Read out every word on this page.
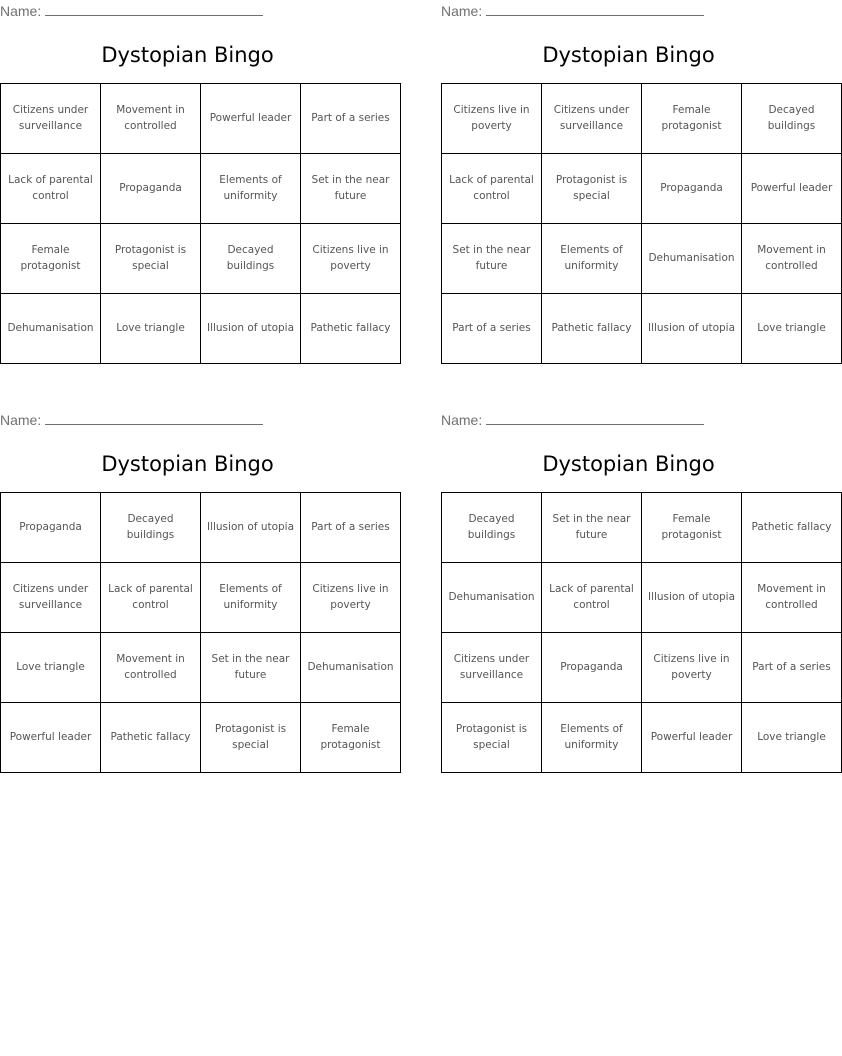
Name:
Dystopian Bingo
Citizens under surveillance	Movement in controlled	Powerful leader	Part of a series
Lack of parental control	Propaganda	Elements of uniformity	Set in the near future
Female protagonist	Protagonist is special	Decayed buildings	Citizens live in poverty
Dehumanisation	Love triangle	Illusion of utopia	Pathetic fallacy
Name:
Dystopian Bingo
Citizens live in poverty	Citizens under surveillance	Female protagonist	Decayed buildings
Lack of parental control	Protagonist is special	Propaganda	Powerful leader
Set in the near future	Elements of uniformity	Dehumanisation	Movement in controlled
Part of a series	Pathetic fallacy	Illusion of utopia	Love triangle
Name:
Dystopian Bingo
Propaganda	Decayed buildings	Illusion of utopia	Part of a series
Citizens under surveillance	Lack of parental control	Elements of uniformity	Citizens live in poverty
Love triangle	Movement in controlled	Set in the near future	Dehumanisation
Powerful leader	Pathetic fallacy	Protagonist is special	Female protagonist
Name:
Dystopian Bingo
Decayed buildings	Set in the near future	Female protagonist	Pathetic fallacy
Dehumanisation	Lack of parental control	Illusion of utopia	Movement in controlled
Citizens under surveillance	Propaganda	Citizens live in poverty	Part of a series
Protagonist is special	Elements of uniformity	Powerful leader	Love triangle
